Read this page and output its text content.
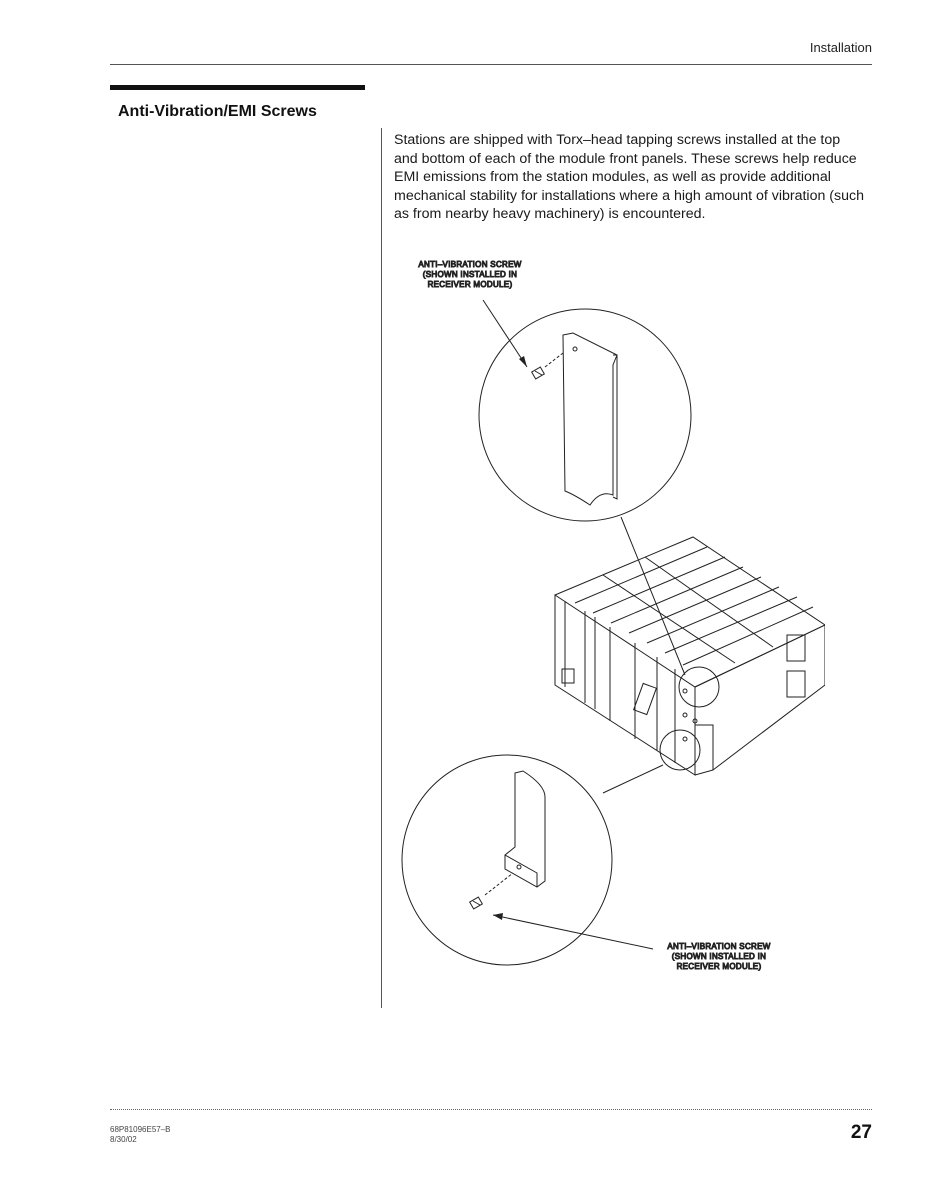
Installation
Anti-Vibration/EMI Screws

Stations are shipped with Torx–head tapping screws installed at the top and bottom of each of the module front panels. These screws help reduce EMI emissions from the station modules, as well as provide additional mechanical stability for installations where a high amount of vibration (such as from nearby heavy machinery) is encountered.

ANTI–VIBRATION SCREW
(SHOWN INSTALLED IN
RECEIVER MODULE)
ANTI–VIBRATION SCREW
(SHOWN INSTALLED IN
RECEIVER MODULE)
68P81096E57–B
8/30/02	27
